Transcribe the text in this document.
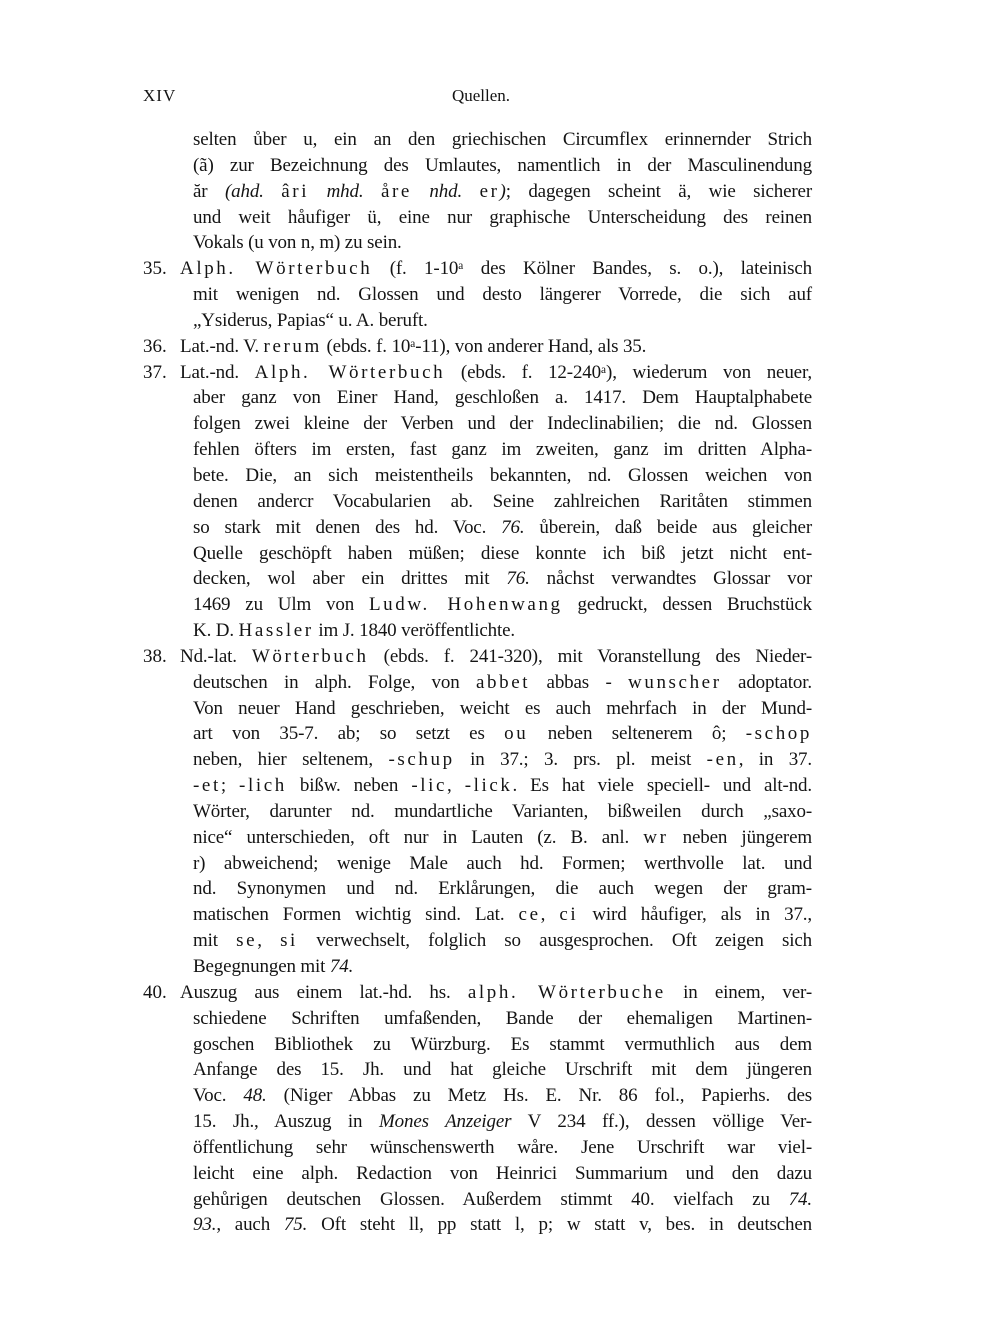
XIV	Quellen.
selten ůber u, ein an den griechischen Circumflex erinnernder Strich
(ã) zur Bezeichnung des Umlautes, namentlich in der Masculinendung
ăr (ahd. âri mhd. åre nhd. er); dagegen scheint ä, wie sicherer
und weit håufiger ü, eine nur graphische Unterscheidung des reinen
Vokals (u von n, m) zu sein.
35. Alph. Wörterbuch (f. 1-10ᵃ des Kölner Bandes, s. o.), lateinisch
mit wenigen nd. Glossen und desto längerer Vorrede, die sich auf
„Ysiderus, Papias“ u. A. beruft.
36. Lat.-nd. V. rerum (ebds. f. 10ᵃ-11), von anderer Hand, als 35.
37. Lat.-nd. Alph. Wörterbuch (ebds. f. 12-240ᵃ), wiederum von neuer,
aber ganz von Einer Hand, geschloßen a. 1417. Dem Hauptalphabete
folgen zwei kleine der Verben und der Indeclinabilien; die nd. Glossen
fehlen öfters im ersten, fast ganz im zweiten, ganz im dritten Alpha-
bete. Die, an sich meistentheils bekannten, nd. Glossen weichen von
denen andercr Vocabularien ab. Seine zahlreichen Raritåten stimmen
so stark mit denen des hd. Voc. 76. ůberein, daß beide aus gleicher
Quelle geschöpft haben müßen; diese konnte ich biß jetzt nicht ent-
decken, wol aber ein drittes mit 76. nåchst verwandtes Glossar vor
1469 zu Ulm von Ludw. Hohenwang gedruckt, dessen Bruchstück
K. D. Hassler im J. 1840 veröffentlichte.
38. Nd.-lat. Wörterbuch (ebds. f. 241-320), mit Voranstellung des Nieder-
deutschen in alph. Folge, von abbet abbas - wunscher adoptator.
Von neuer Hand geschrieben, weicht es auch mehrfach in der Mund-
art von 35-7. ab; so setzt es ou neben seltenerem ô; -schop
neben, hier seltenem, -schup in 37.; 3. prs. pl. meist -en, in 37.
-et; -lich bißw. neben -lic, -lick. Es hat viele speciell- und alt-nd.
Wörter, darunter nd. mundartliche Varianten, bißweilen durch „saxo-
nice“ unterschieden, oft nur in Lauten (z. B. anl. wr neben jüngerem
r) abweichend; wenige Male auch hd. Formen; werthvolle lat. und
nd. Synonymen und nd. Erklårungen, die auch wegen der gram-
matischen Formen wichtig sind. Lat. ce, ci wird håufiger, als in 37.,
mit se, si verwechselt, folglich so ausgesprochen. Oft zeigen sich
Begegnungen mit 74.
40. Auszug aus einem lat.-hd. hs. alph. Wörterbuche in einem, ver-
schiedene Schriften umfaßenden, Bande der ehemaligen Martinen-
goschen Bibliothek zu Würzburg. Es stammt vermuthlich aus dem
Anfange des 15. Jh. und hat gleiche Urschrift mit dem jüngeren
Voc. 48. (Niger Abbas zu Metz Hs. E. Nr. 86 fol., Papierhs. des
15. Jh., Auszug in Mones Anzeiger V 234 ff.), dessen völlige Ver-
öffentlichung sehr wünschenswerth wåre. Jene Urschrift war viel-
leicht eine alph. Redaction von Heinrici Summarium und den dazu
gehůrigen deutschen Glossen. Außerdem stimmt 40. vielfach zu 74.
93., auch 75. Oft steht ll, pp statt l, p; w statt v, bes. in deutschen
